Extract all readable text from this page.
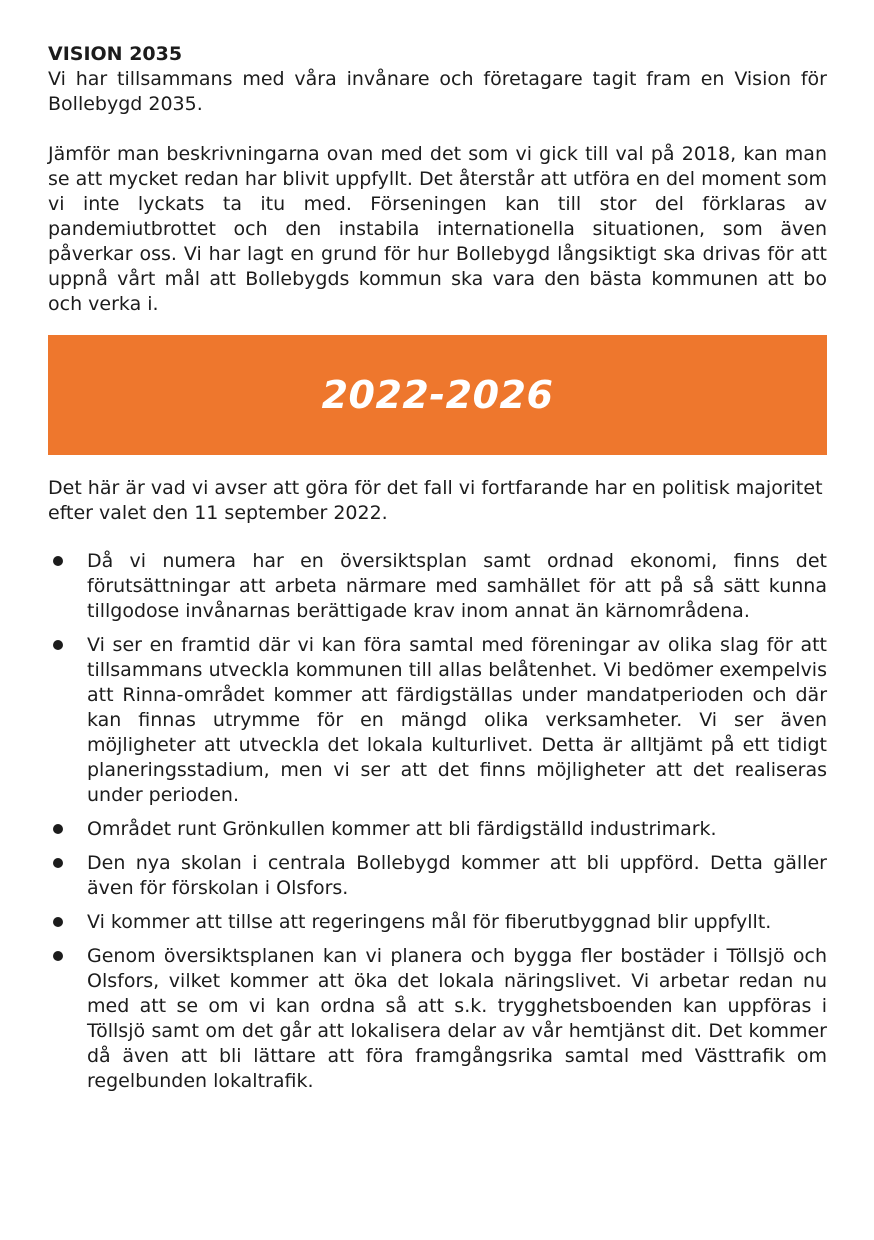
VISION 2035

Vi har tillsammans med våra invånare och företagare tagit fram en Vision för Bollebygd 2035.

Jämför man beskrivningarna ovan med det som vi gick till val på 2018, kan man se att mycket redan har blivit uppfyllt. Det återstår att utföra en del moment som vi inte lyckats ta itu med. Förseningen kan till stor del förklaras av pandemiutbrottet och den instabila internationella situationen, som även påverkar oss. Vi har lagt en grund för hur Bollebygd långsiktigt ska drivas för att uppnå vårt mål att Bollebygds kommun ska vara den bästa kommunen att bo och verka i.

2022-2026

Det här är vad vi avser att göra för det fall vi fortfarande har en politisk majoritet efter valet den 11 september 2022.

Då vi numera har en översiktsplan samt ordnad ekonomi, finns det förutsättningar att arbeta närmare med samhället för att på så sätt kunna tillgodose invånarnas berättigade krav inom annat än kärnområdena.
Vi ser en framtid där vi kan föra samtal med föreningar av olika slag för att tillsammans utveckla kommunen till allas belåtenhet. Vi bedömer exempelvis att Rinna-området kommer att färdigställas under mandatperioden och där kan finnas utrymme för en mängd olika verksamheter. Vi ser även möjligheter att utveckla det lokala kulturlivet. Detta är alltjämt på ett tidigt planeringsstadium, men vi ser att det finns möjligheter att det realiseras under perioden.
Området runt Grönkullen kommer att bli färdigställd industrimark.
Den nya skolan i centrala Bollebygd kommer att bli uppförd. Detta gäller även för förskolan i Olsfors.
Vi kommer att tillse att regeringens mål för fiberutbyggnad blir uppfyllt.
Genom översiktsplanen kan vi planera och bygga fler bostäder i Töllsjö och Olsfors, vilket kommer att öka det lokala näringslivet. Vi arbetar redan nu med att se om vi kan ordna så att s.k. trygghetsboenden kan uppföras i Töllsjö samt om det går att lokalisera delar av vår hemtjänst dit. Det kommer då även att bli lättare att föra framgångsrika samtal med Västtrafik om regelbunden lokaltrafik.
